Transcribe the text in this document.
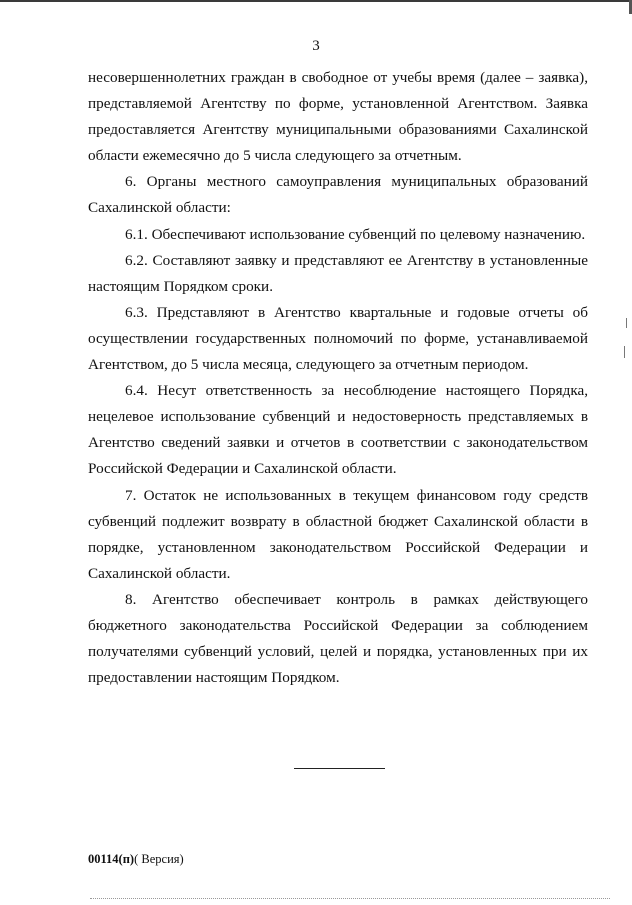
3

несовершеннолетних граждан в свободное от учебы время (далее – заявка), представляемой Агентству по форме, установленной Агентством. Заявка предоставляется Агентству муниципальными образованиями Сахалинской области ежемесячно до 5 числа следующего за отчетным.

6. Органы местного самоуправления муниципальных образований Сахалинской области:

6.1. Обеспечивают использование субвенций по целевому назначению.

6.2. Составляют заявку и представляют ее Агентству в установленные настоящим Порядком сроки.

6.3. Представляют в Агентство квартальные и годовые отчеты об осуществлении государственных полномочий по форме, устанавливаемой Агентством, до 5 числа месяца, следующего за отчетным периодом.

6.4. Несут ответственность за несоблюдение настоящего Порядка, нецелевое использование субвенций и недостоверность представляемых в Агентство сведений заявки и отчетов в соответствии с законодательством Российской Федерации и Сахалинской области.

7. Остаток не использованных в текущем финансовом году средств субвенций подлежит возврату в областной бюджет Сахалинской области в порядке, установленном законодательством Российской Федерации и Сахалинской области.

8. Агентство обеспечивает контроль в рамках действующего бюджетного законодательства Российской Федерации за соблюдением получателями субвенций условий, целей и порядка, установленных при их предоставлении настоящим Порядком.

00114(п)( Версия)
